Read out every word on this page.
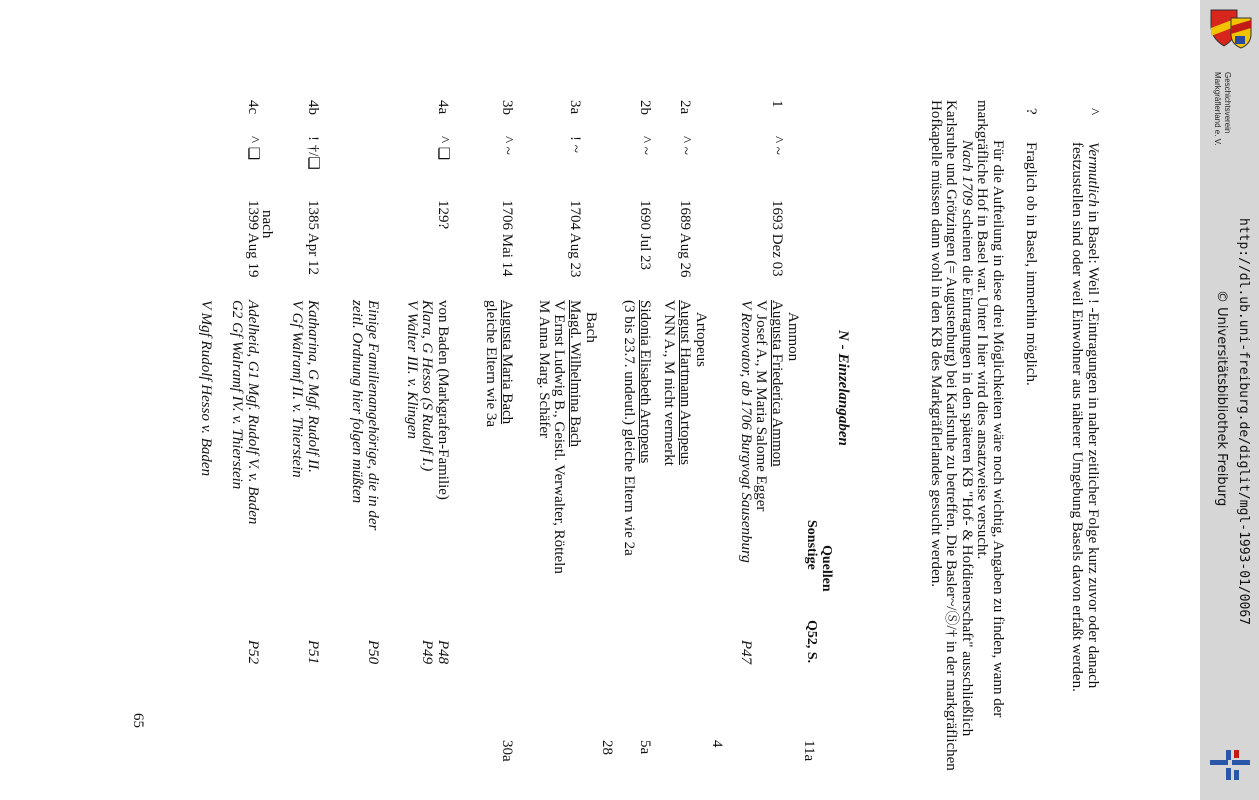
^
Vermutlich in Basel: Weil ! -Eintragungen in naher zeitlicher Folge kurz zuvor oder danach festzustellen sind oder weil Einwohner aus näherer Umgebung Basels davon erfaßt werden.
?
Fraglich ob in Basel, immerhin möglich.
Für die Aufteilung in diese drei Möglichkeiten wäre noch wichtig, Angaben zu finden, wann der markgräfliche Hof in Basel war. Unter I hier wird dies ansatzweise versucht.
Nach 1709 scheinen die Eintragungen in den späteren KB "Hof- & Hofdienerschaft" ausschließlich Karlsruhe und Grötzingen (= Augustenburg) bei Karlsruhe zu betreffen. Die Basler~/Ⓢ/† in der markgräflichen Hofkapelle müssen dann wohl in den KB des Markgräflerlandes gesucht werden.
N - Einzelangaben
Quellen
Sonstige
Q52, S.
1
^ ~
1693 Dez 03
Ammon
Augusta Friederica Ammon
V Josef A., M Maria Salome Egger
V Renovator, ab 1706 Burgvogt Sausenburg
P47
11a
2a
^ ~
1689 Aug 26
Artopeus
August Hartmann Artopeus
V NN A., M nicht vermerkt
4
2b
^ ~
1690 Jul 23
Sidonia Elisabeth Artopeus
(3 bis 23.7. undeutl.) gleiche Eltern wie 2a
5a
3a
! ~
1704 Aug 23
Bach
Magd. Wilhelmina Bach
V Ernst Ludwig B., Geistl. Verwalter, Rötteln
M Anna Marg. Schäfer
28
3b
^ ~
1706 Mai 14
Augusta Maria Bach
gleiche Eltern wie 3a
30a
4a
^ ❑
129?
von Baden (Markgrafen-Familie)
Klara, G Hesso (S Rudolf I.)
V Walter III. v. Klingen
P48
P49
Einige Familienangehörige, die in der
zeitl. Ordnung hier folgen müßten
P50
4b
! †/❑
1385 Apr 12
Katharina, G Mgf. Rudolf II.
V Gf Walramf II. v. Thierstein
P51
nach
4c
^ ❑
1399 Aug 19
Adelheid, G1 Mgf. Rudolf V. v. Baden
G2 Gf Walramf IV. v. Thierstein

V Mgf Rudolf Hesso v. Baden
P52
65
http://dl.ub.uni-freiburg.de/diglit/mgl-1993-01/0067
© Universitätsbibliothek Freiburg
Geschichtsverein
Markgräflerland e. V.
